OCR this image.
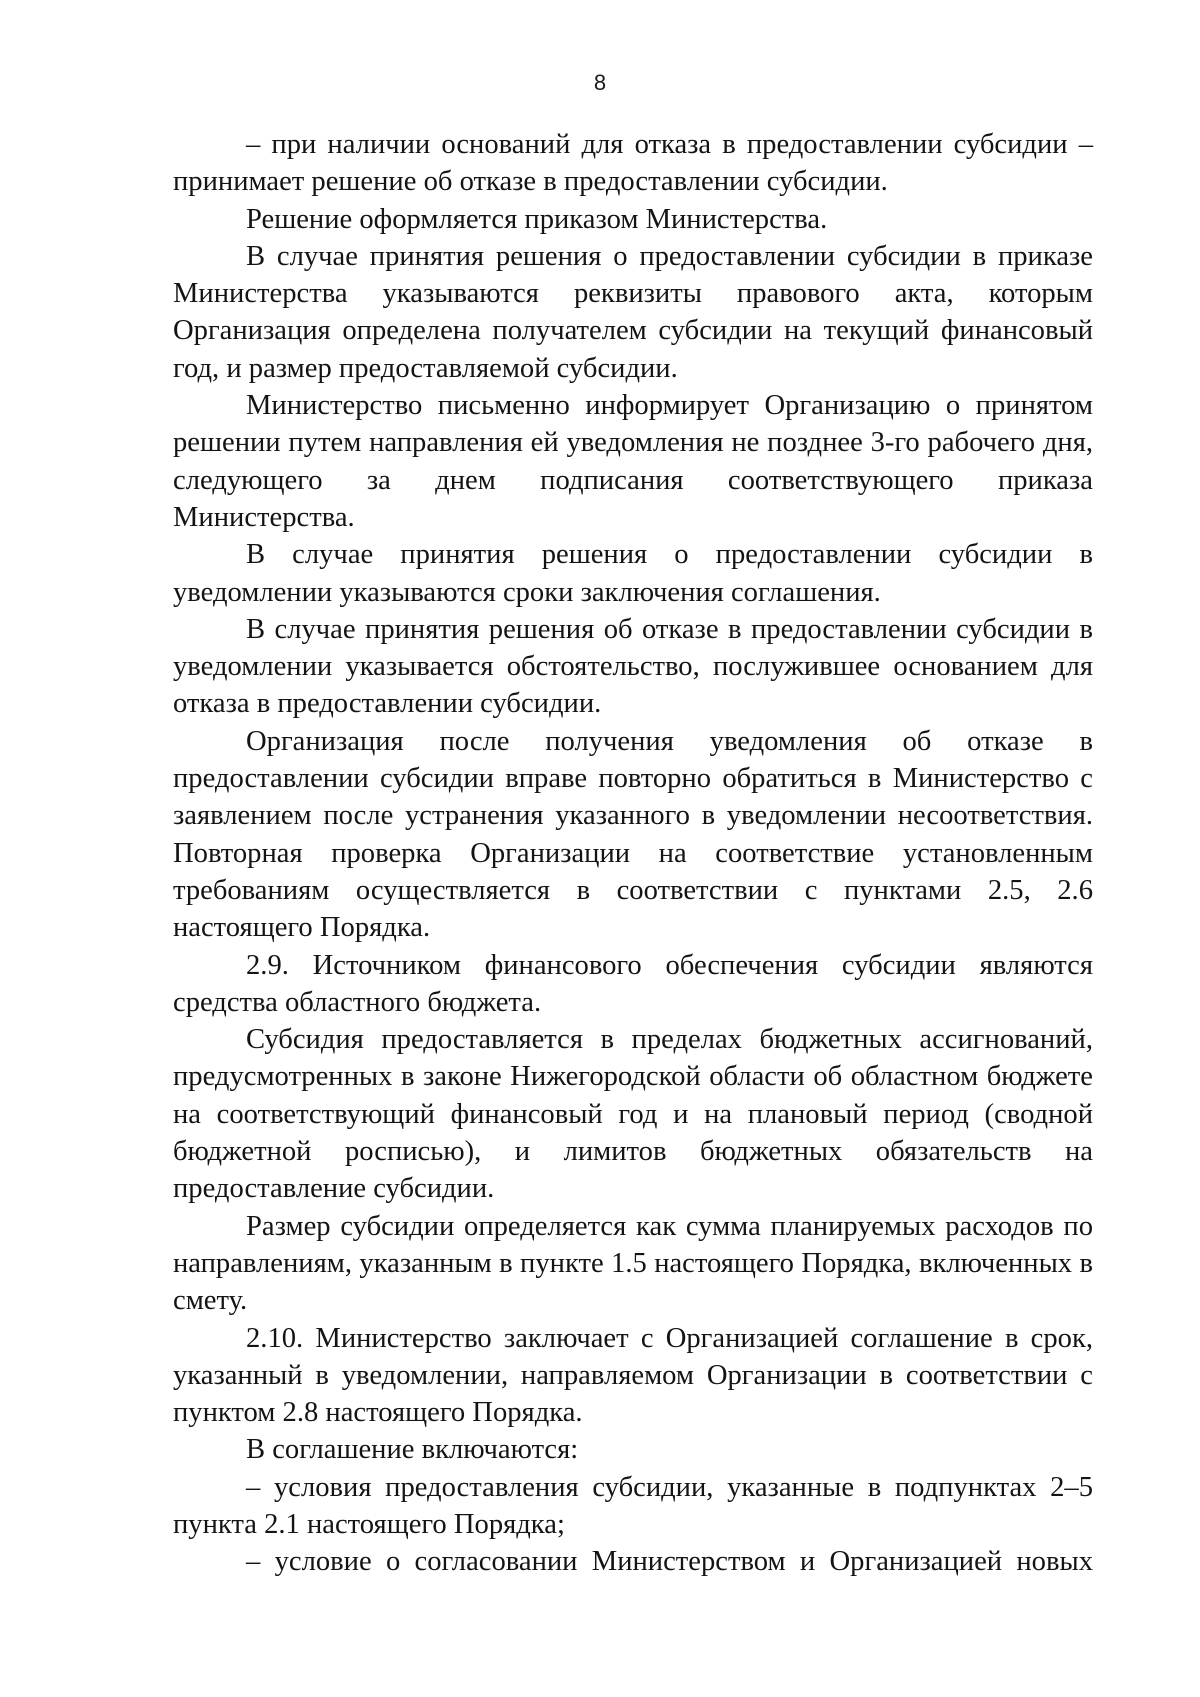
8

– при наличии оснований для отказа в предоставлении субсидии – принимает решение об отказе в предоставлении субсидии.

Решение оформляется приказом Министерства.

В случае принятия решения о предоставлении субсидии в приказе Министерства указываются реквизиты правового акта, которым Организация определена получателем субсидии на текущий финансовый год, и размер предоставляемой субсидии.

Министерство письменно информирует Организацию о принятом решении путем направления ей уведомления не позднее 3-го рабочего дня, следующего за днем подписания соответствующего приказа Министерства.

В случае принятия решения о предоставлении субсидии в уведомлении указываются сроки заключения соглашения.

В случае принятия решения об отказе в предоставлении субсидии в уведомлении указывается обстоятельство, послужившее основанием для отказа в предоставлении субсидии.

Организация после получения уведомления об отказе в предоставлении субсидии вправе повторно обратиться в Министерство с заявлением после устранения указанного в уведомлении несоответствия. Повторная проверка Организации на соответствие установленным требованиям осуществляется в соответствии с пунктами 2.5, 2.6 настоящего Порядка.

2.9. Источником финансового обеспечения субсидии являются средства областного бюджета.

Субсидия предоставляется в пределах бюджетных ассигнований, предусмотренных в законе Нижегородской области об областном бюджете на соответствующий финансовый год и на плановый период (сводной бюджетной росписью), и лимитов бюджетных обязательств на предоставление субсидии.

Размер субсидии определяется как сумма планируемых расходов по направлениям, указанным в пункте 1.5 настоящего Порядка, включенных в смету.

2.10. Министерство заключает с Организацией соглашение в срок, указанный в уведомлении, направляемом Организации в соответствии с пунктом 2.8 настоящего Порядка.

В соглашение включаются:

– условия предоставления субсидии, указанные в подпунктах 2–5 пункта 2.1 настоящего Порядка;

– условие о согласовании Министерством и Организацией новых
